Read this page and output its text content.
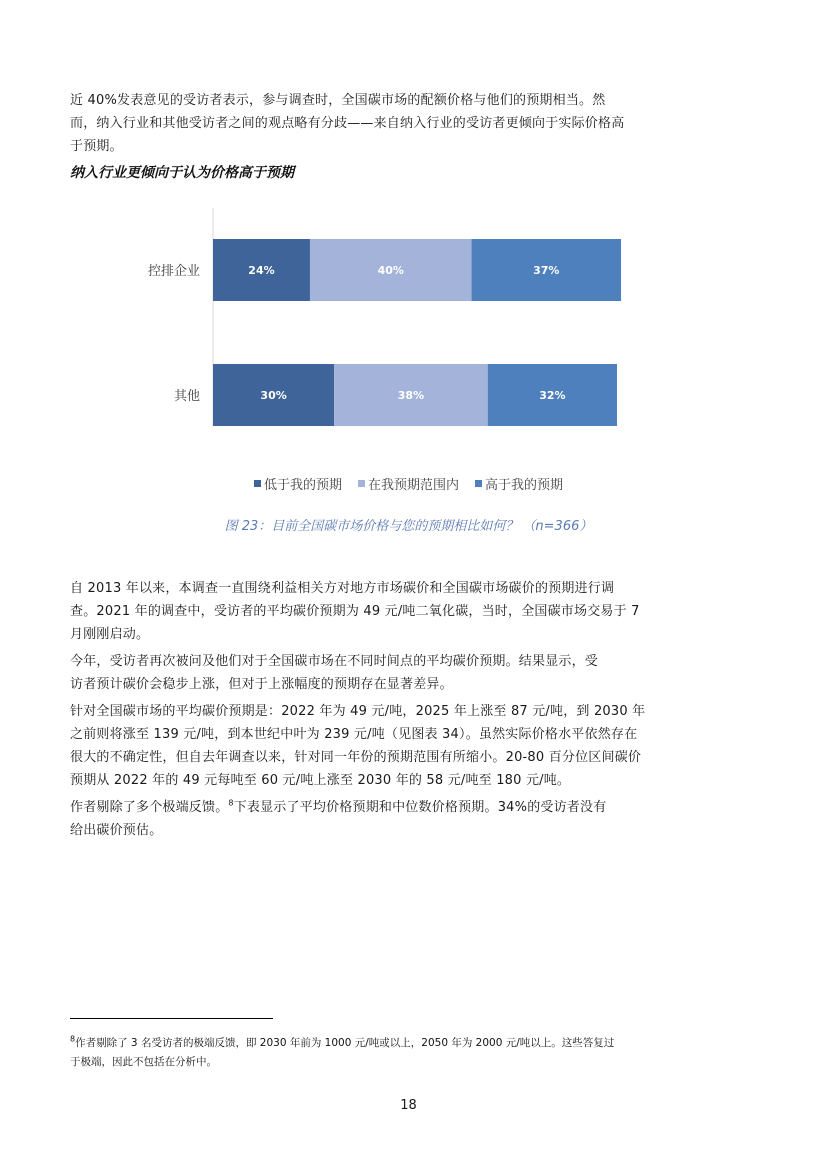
近 40%发表意见的受访者表示，参与调查时，全国碳市场的配额价格与他们的预期相当。然
而，纳入行业和其他受访者之间的观点略有分歧——来自纳入行业的受访者更倾向于实际价格高
于预期。
纳入行业更倾向于认为价格高于预期
控排企业	24%	40%	37%
其他	30%	38%	32%
低于我的预期 在我预期范围内 高于我的预期
图 23：目前全国碳市场价格与您的预期相比如何？ （n=366）
自 2013 年以来，本调查一直围绕利益相关方对地方市场碳价和全国碳市场碳价的预期进行调
查。2021 年的调查中，受访者的平均碳价预期为 49 元/吨二氧化碳，当时，全国碳市场交易于 7
月刚刚启动。
今年，受访者再次被问及他们对于全国碳市场在不同时间点的平均碳价预期。结果显示，受
访者预计碳价会稳步上涨，但对于上涨幅度的预期存在显著差异。
针对全国碳市场的平均碳价预期是：2022 年为 49 元/吨，2025 年上涨至 87 元/吨，到 2030 年
之前则将涨至 139 元/吨，到本世纪中叶为 239 元/吨（见图表 34）。虽然实际价格水平依然存在
很大的不确定性，但自去年调查以来，针对同一年份的预期范围有所缩小。20-80 百分位区间碳价
预期从 2022 年的 49 元每吨至 60 元/吨上涨至 2030 年的 58 元/吨至 180 元/吨。
作者剔除了多个极端反馈。$^8$下表显示了平均价格预期和中位数价格预期。34%的受访者没有
给出碳价预估。
$^8$作者剔除了 3 名受访者的极端反馈，即 2030 年前为 1000 元/吨或以上，2050 年为 2000 元/吨以上。这些答复过
于极端，因此不包括在分析中。
18
